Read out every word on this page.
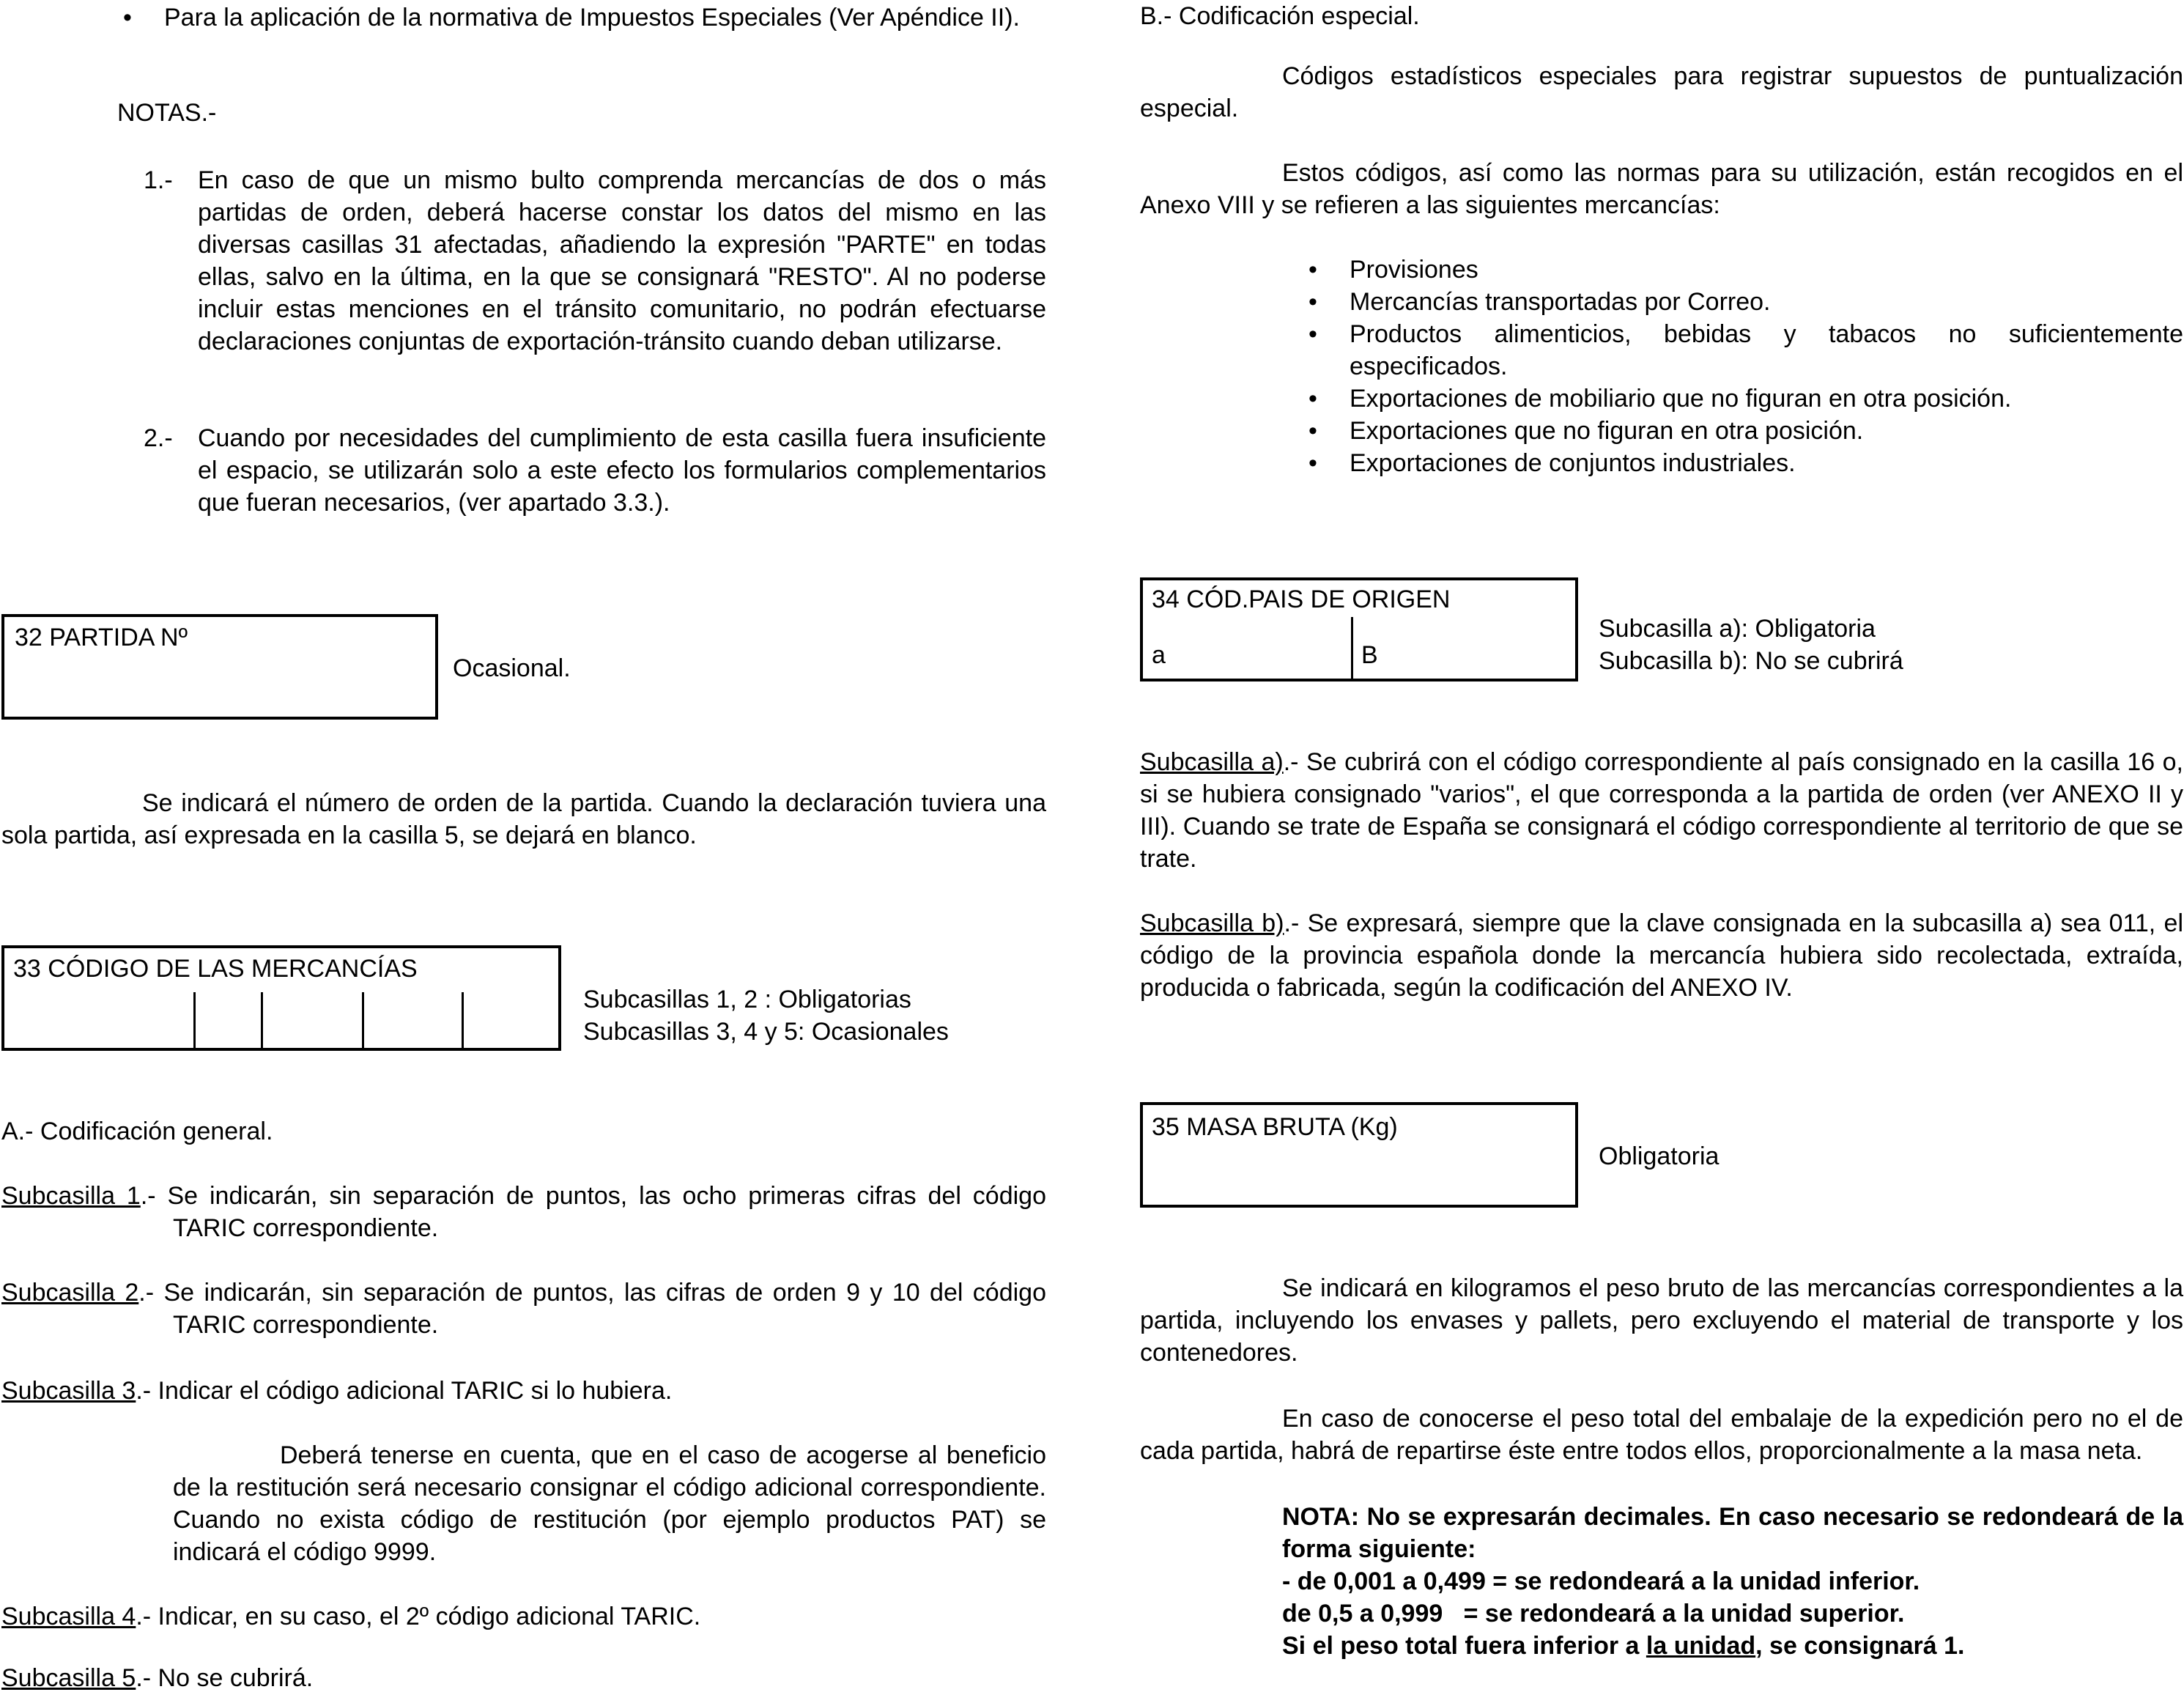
• Para la aplicación de la normativa de Impuestos Especiales (Ver Apéndice II).
NOTAS.-
1.- En caso de que un mismo bulto comprenda mercancías de dos o más partidas de orden, deberá hacerse constar los datos del mismo en las diversas casillas 31 afectadas, añadiendo la expresión "PARTE" en todas ellas, salvo en la última, en la que se consignará "RESTO". Al no poderse incluir estas menciones en el tránsito comunitario, no podrán efectuarse declaraciones conjuntas de exportación-tránsito cuando deban utilizarse.
2.- Cuando por necesidades del cumplimiento de esta casilla fuera insuficiente el espacio, se utilizarán solo a este efecto los formularios complementarios que fueran necesarios, (ver apartado 3.3.).
32 PARTIDA Nº
Ocasional.
Se indicará el número de orden de la partida. Cuando la declaración tuviera una sola partida, así expresada en la casilla 5, se dejará en blanco.
33 CÓDIGO DE LAS MERCANCÍAS
Subcasillas 1, 2 : Obligatorias
Subcasillas 3, 4 y 5: Ocasionales
A.- Codificación general.
Subcasilla 1.- Se indicarán, sin separación de puntos, las ocho primeras cifras del código TARIC correspondiente.
Subcasilla 2.- Se indicarán, sin separación de puntos, las cifras de orden 9 y 10 del código TARIC correspondiente.
Subcasilla 3.- Indicar el código adicional TARIC si lo hubiera.
Deberá tenerse en cuenta, que en el caso de acogerse al beneficio de la restitución será necesario consignar el código adicional correspondiente. Cuando no exista código de restitución (por ejemplo productos PAT) se indicará el código 9999.
Subcasilla 4.- Indicar, en su caso, el 2º código adicional TARIC.
Subcasilla 5.- No se cubrirá.
B.- Codificación especial.
Códigos estadísticos especiales para registrar supuestos de puntualización especial.
Estos códigos, así como las normas para su utilización, están recogidos en el Anexo VIII y se refieren a las siguientes mercancías:
• Provisiones
• Mercancías transportadas por Correo.
• Productos alimenticios, bebidas y tabacos no suficientemente especificados.
• Exportaciones de mobiliario que no figuran en otra posición.
• Exportaciones que no figuran en otra posición.
• Exportaciones de conjuntos industriales.
34 CÓD.PAIS DE ORIGEN
a	B
Subcasilla a): Obligatoria
Subcasilla b): No se cubrirá
Subcasilla a).- Se cubrirá con el código correspondiente al país consignado en la casilla 16 o, si se hubiera consignado "varios", el que corresponda a la partida de orden (ver ANEXO II y III). Cuando se trate de España se consignará el código correspondiente al territorio de que se trate.
Subcasilla b).- Se expresará, siempre que la clave consignada en la subcasilla a) sea 011, el código de la provincia española donde la mercancía hubiera sido recolectada, extraída, producida o fabricada, según la codificación del ANEXO IV.
35 MASA BRUTA (Kg)
Obligatoria
Se indicará en kilogramos el peso bruto de las mercancías correspondientes a la partida, incluyendo los envases y pallets, pero excluyendo el material de transporte y los contenedores.
En caso de conocerse el peso total del embalaje de la expedición pero no el de cada partida, habrá de repartirse éste entre todos ellos, proporcionalmente a la masa neta.
NOTA: No se expresarán decimales. En caso necesario se redondeará de la forma siguiente:
- de 0,001 a 0,499 = se redondeará a la unidad inferior.
de 0,5 a 0,999   = se redondeará a la unidad superior.
Si el peso total fuera inferior a la unidad, se consignará 1.
